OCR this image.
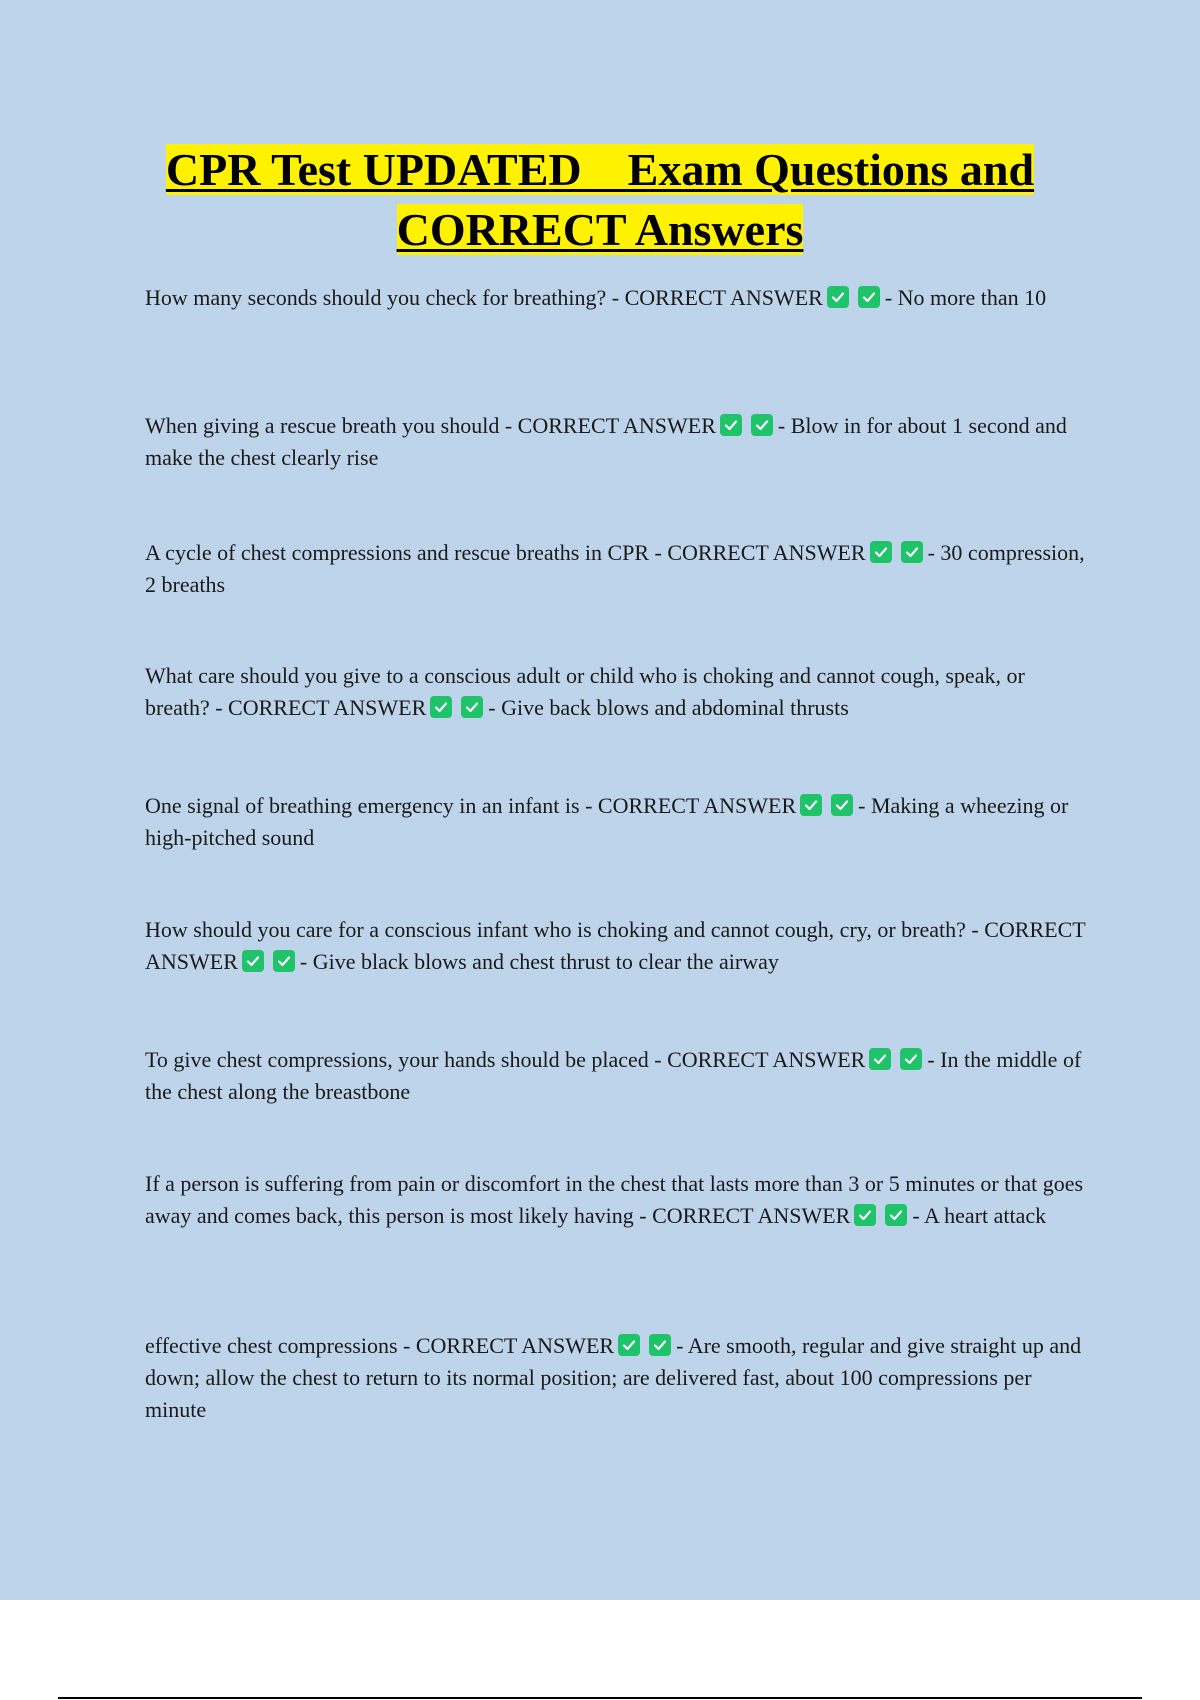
CPR Test UPDATED    Exam Questions and
CORRECT Answers

How many seconds should you check for breathing? - CORRECT ANSWER	- No more than 10

When giving a rescue breath you should - CORRECT ANSWER	- Blow in for about 1 second and make the chest clearly rise

A cycle of chest compressions and rescue breaths in CPR - CORRECT ANSWER	- 30 compression, 2 breaths

What care should you give to a conscious adult or child who is choking and cannot cough, speak, or breath? - CORRECT ANSWER	- Give back blows and abdominal thrusts

One signal of breathing emergency in an infant is - CORRECT ANSWER	- Making a wheezing or high-pitched sound

How should you care for a conscious infant who is choking and cannot cough, cry, or breath? - CORRECT ANSWER	- Give black blows and chest thrust to clear the airway

To give chest compressions, your hands should be placed - CORRECT ANSWER	- In the middle of the chest along the breastbone

If a person is suffering from pain or discomfort in the chest that lasts more than 3 or 5 minutes or that goes away and comes back, this person is most likely having - CORRECT ANSWER	- A heart attack

effective chest compressions - CORRECT ANSWER	- Are smooth, regular and give straight up and down; allow the chest to return to its normal position; are delivered fast, about 100 compressions per minute
